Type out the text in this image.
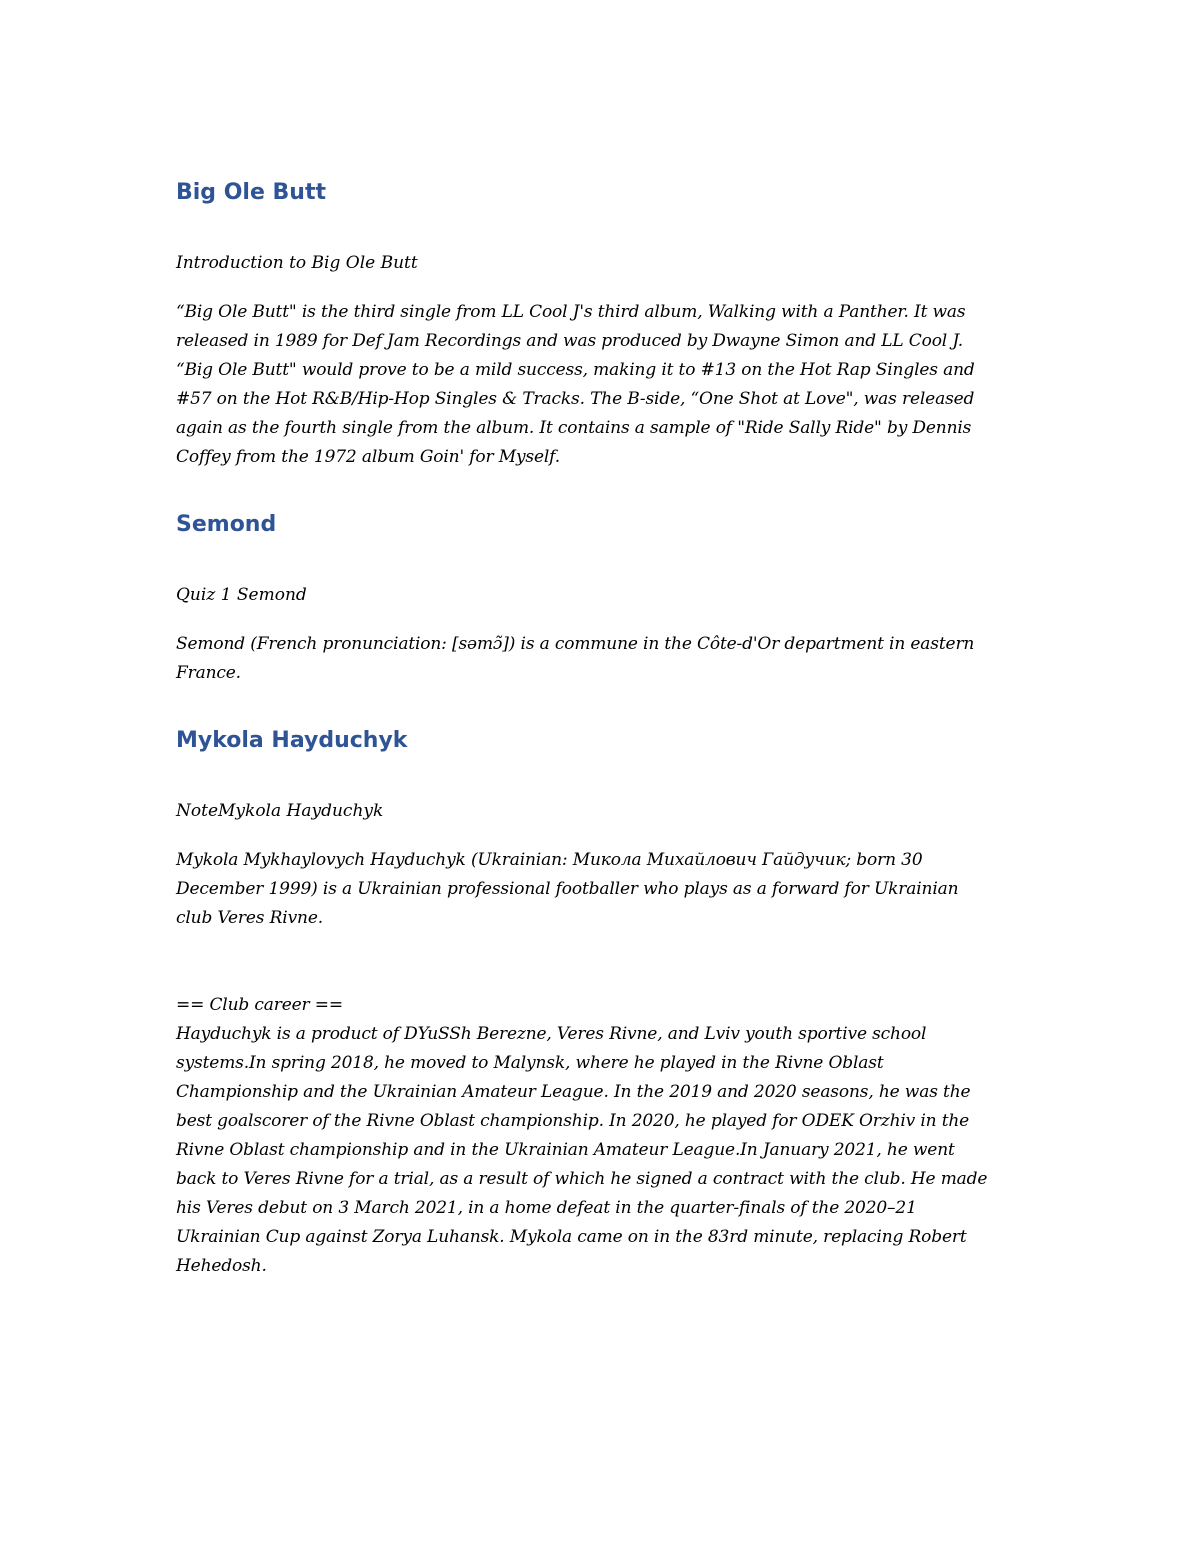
Big Ole Butt

Introduction to Big Ole Butt

“Big Ole Butt" is the third single from LL Cool J's third album, Walking with a Panther. It was
released in 1989 for Def Jam Recordings and was produced by Dwayne Simon and LL Cool J.
“Big Ole Butt" would prove to be a mild success, making it to #13 on the Hot Rap Singles and
#57 on the Hot R&B/Hip-Hop Singles & Tracks. The B-side, “One Shot at Love", was released
again as the fourth single from the album. It contains a sample of "Ride Sally Ride" by Dennis
Coffey from the 1972 album Goin' for Myself.
Semond

Quiz 1 Semond

Semond (French pronunciation: [səmɔ̃]) is a commune in the Côte-d'Or department in eastern
France.
Mykola Hayduchyk

NoteMykola Hayduchyk

Mykola Mykhaylovych Hayduchyk (Ukrainian: Микола Михайлович Гайдучик; born 30
December 1999) is a Ukrainian professional footballer who plays as a forward for Ukrainian
club Veres Rivne.
== Club career ==
Hayduchyk is a product of DYuSSh Berezne, Veres Rivne, and Lviv youth sportive school
systems.In spring 2018, he moved to Malynsk, where he played in the Rivne Oblast
Championship and the Ukrainian Amateur League. In the 2019 and 2020 seasons, he was the
best goalscorer of the Rivne Oblast championship. In 2020, he played for ODEK Orzhiv in the
Rivne Oblast championship and in the Ukrainian Amateur League.In January 2021, he went
back to Veres Rivne for a trial, as a result of which he signed a contract with the club. He made
his Veres debut on 3 March 2021, in a home defeat in the quarter-finals of the 2020–21
Ukrainian Cup against Zorya Luhansk. Mykola came on in the 83rd minute, replacing Robert
Hehedosh.
